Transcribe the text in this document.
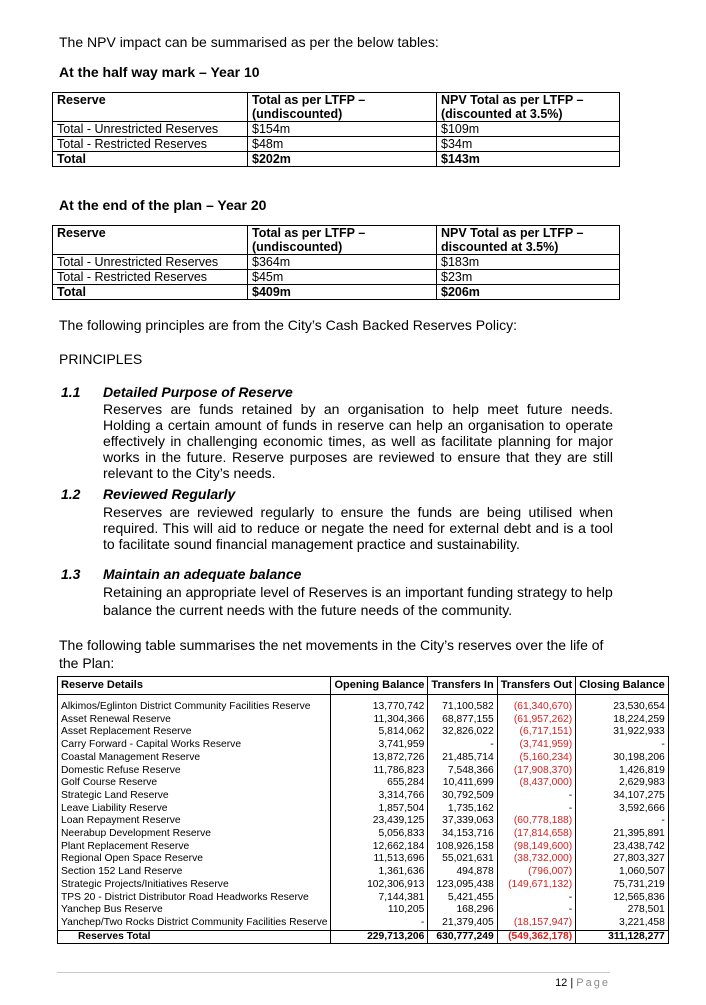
The NPV impact can be summarised as per the below tables:
At the half way mark – Year 10
Reserve	Total as per LTFP – (undiscounted)	NPV Total as per LTFP – (discounted at 3.5%)
Total - Unrestricted Reserves	$154m	$109m
Total - Restricted Reserves	$48m	$34m
Total	$202m	$143m
At the end of the plan – Year 20
Reserve	Total as per LTFP – (undiscounted)	NPV Total as per LTFP – discounted at 3.5%)
Total - Unrestricted Reserves	$364m	$183m
Total - Restricted Reserves	$45m	$23m
Total	$409m	$206m
The following principles are from the City’s Cash Backed Reserves Policy:
PRINCIPLES
1.1 Detailed Purpose of Reserve
Reserves are funds retained by an organisation to help meet future needs. Holding a certain amount of funds in reserve can help an organisation to operate effectively in challenging economic times, as well as facilitate planning for major works in the future. Reserve purposes are reviewed to ensure that they are still relevant to the City’s needs.
1.2 Reviewed Regularly
Reserves are reviewed regularly to ensure the funds are being utilised when required. This will aid to reduce or negate the need for external debt and is a tool to facilitate sound financial management practice and sustainability.
1.3 Maintain an adequate balance
Retaining an appropriate level of Reserves is an important funding strategy to help balance the current needs with the future needs of the community.
The following table summarises the net movements in the City’s reserves over the life of the Plan:
Reserve Details	Opening Balance	Transfers In	Transfers Out	Closing Balance
Alkimos/Eglinton District Community Facilities Reserve	13,770,742	71,100,582	(61,340,670)	23,530,654
Asset Renewal Reserve	11,304,366	68,877,155	(61,957,262)	18,224,259
Asset Replacement Reserve	5,814,062	32,826,022	(6,717,151)	31,922,933
Carry Forward - Capital Works Reserve	3,741,959	-	(3,741,959)	-
Coastal Management Reserve	13,872,726	21,485,714	(5,160,234)	30,198,206
Domestic Refuse Reserve	11,786,823	7,548,366	(17,908,370)	1,426,819
Golf Course Reserve	655,284	10,411,699	(8,437,000)	2,629,983
Strategic Land Reserve	3,314,766	30,792,509	-	34,107,275
Leave Liability Reserve	1,857,504	1,735,162	-	3,592,666
Loan Repayment Reserve	23,439,125	37,339,063	(60,778,188)	-
Neerabup Development Reserve	5,056,833	34,153,716	(17,814,658)	21,395,891
Plant Replacement Reserve	12,662,184	108,926,158	(98,149,600)	23,438,742
Regional Open Space Reserve	11,513,696	55,021,631	(38,732,000)	27,803,327
Section 152 Land Reserve	1,361,636	494,878	(796,007)	1,060,507
Strategic Projects/Initiatives Reserve	102,306,913	123,095,438	(149,671,132)	75,731,219
TPS 20 - District Distributor Road Headworks Reserve	7,144,381	5,421,455	-	12,565,836
Yanchep Bus Reserve	110,205	168,296	-	278,501
Yanchep/Two Rocks District Community Facilities Reserve	-	21,379,405	(18,157,947)	3,221,458
Reserves Total	229,713,206	630,777,249	(549,362,178)	311,128,277
12 | Page
